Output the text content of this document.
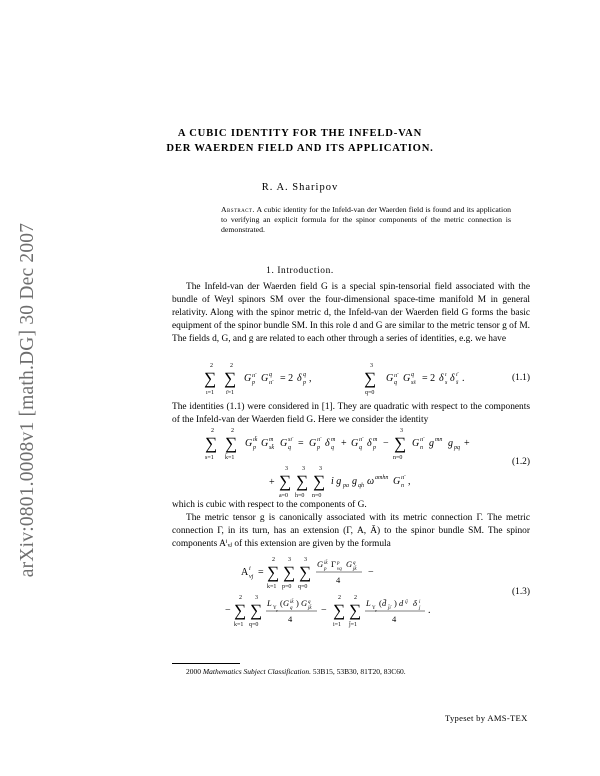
arXiv:0801.0008v1 [math.DG] 30 Dec 2007
A CUBIC IDENTITY FOR THE INFELD-VAN
DER WAERDEN FIELD AND ITS APPLICATION.
R. A. Sharipov
Abstract. A cubic identity for the Infeld-van der Waerden field is found and its application to verifying an explicit formula for the spinor components of the metric connection is demonstrated.
1. Introduction.
The Infeld-van der Waerden field G is a special spin-tensorial field associated with the bundle of Weyl spinors SM over the four-dimensional space-time manifold M in general relativity. Along with the spinor metric d, the Infeld-van der Waerden field G forms the basic equipment of the spinor bundle SM. In this role d and G are similar to the metric tensor g of M. The fields d, G, and g are related to each other through a series of identities, e.g. we have
2
∑
ı=1
2
∑
ı̄=1
G ıı̄
p G q
ıı̄ = 2 δ q
p ,
3
∑
q=0
G ıı̄
q G q
ss̄ = 2 δ ı
s δ ı̄
s̄ .	(1.1)
The identities (1.1) were considered in [1]. They are quadratic with respect to the components of the Infeld-van der Waerden field G. Here we consider the identity
2
∑
s=1
2
∑
k̄=1
G ık̄
p G m
sk̄ G sı̄
q = G ıı̄
p δ m
q + G ıı̄
q δ m
p −
3
∑
n=0
G ıı̄
n g mn g pq +
+
3
∑
a=0
3
∑
h=0
3
∑
n=0
i g pa g qh ω amhn G ıı̄
n ,
(1.2)
which is cubic with respect to the components of G.
The metric tensor g is canonically associated with its metric connection Γ. The metric connection Γ, in its turn, has an extension (Γ, A, Ā) to the spinor bundle SM. The spinor components Aⁱᵥⱼ of this extension are given by the formula
A i
vj =
2
∑
k=1
3
∑
p=0
3
∑
q=0
G ik̄
p
Γ p
vq
G q
jk̄
4
−
−
2
∑
k=1
3
∑
q=0
L
Y v
( G ik̄
q
) G q
jk̄
4
−
2
∑
i=1
2
∑
j̄=1
L
Y v
( d̄
j̄ı̄
) d ı̄j δ i
j
4
.
(1.3)
2000 Mathematics Subject Classification. 53B15, 53B30, 81T20, 83C60.
Typeset by AMS-TEX
